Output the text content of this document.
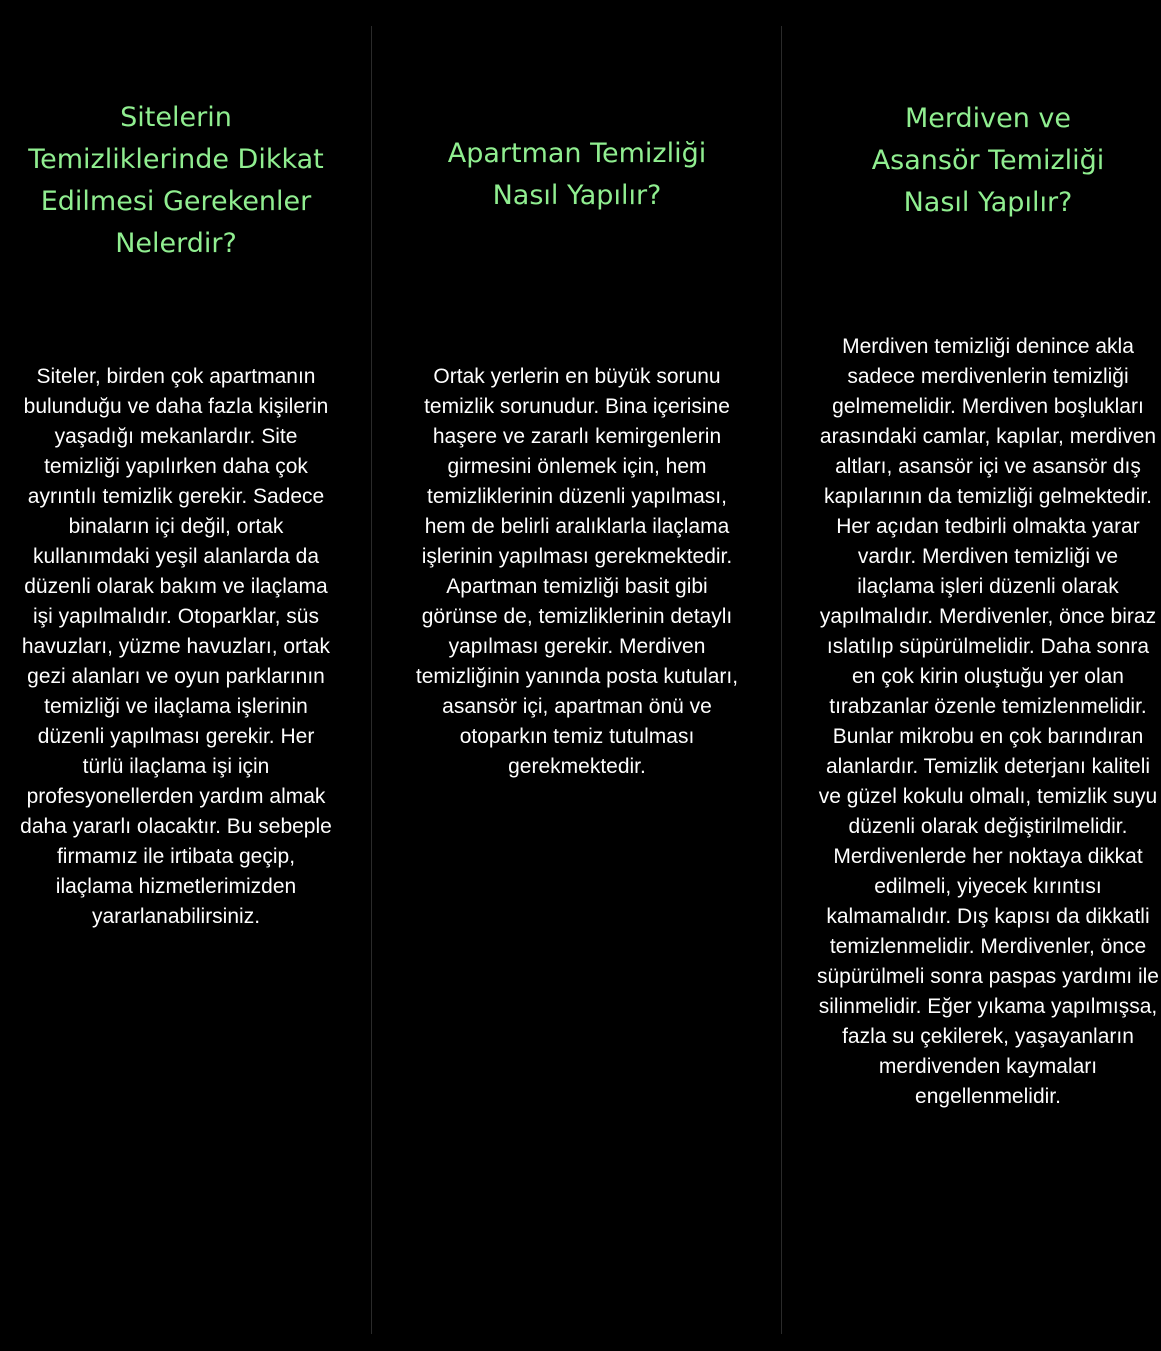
Sitelerin Temizliklerinde Dikkat Edilmesi Gerekenler Nelerdir?

Siteler, birden çok apartmanın bulunduğu ve daha fazla kişilerin yaşadığı mekanlardır. Site temizliği yapılırken daha çok ayrıntılı temizlik gerekir. Sadece binaların içi değil, ortak kullanımdaki yeşil alanlarda da düzenli olarak bakım ve ilaçlama işi yapılmalıdır. Otoparklar, süs havuzları, yüzme havuzları, ortak gezi alanları ve oyun parklarının temizliği ve ilaçlama işlerinin düzenli yapılması gerekir. Her türlü ilaçlama işi için profesyonellerden yardım almak daha yararlı olacaktır. Bu sebeple firmamız ile irtibata geçip, ilaçlama hizmetlerimizden yararlanabilirsiniz.

Apartman Temizliği Nasıl Yapılır?

Ortak yerlerin en büyük sorunu temizlik sorunudur. Bina içerisine haşere ve zararlı kemirgenlerin girmesini önlemek için, hem temizliklerinin düzenli yapılması, hem de belirli aralıklarla ilaçlama işlerinin yapılması gerekmektedir. Apartman temizliği basit gibi görünse de, temizliklerinin detaylı yapılması gerekir. Merdiven temizliğinin yanında posta kutuları, asansör içi, apartman önü ve otoparkın temiz tutulması gerekmektedir.

Merdiven ve Asansör Temizliği Nasıl Yapılır?

Merdiven temizliği denince akla sadece merdivenlerin temizliği gelmemelidir. Merdiven boşlukları arasındaki camlar, kapılar, merdiven altları, asansör içi ve asansör dış kapılarının da temizliği gelmektedir. Her açıdan tedbirli olmakta yarar vardır. Merdiven temizliği ve ilaçlama işleri düzenli olarak yapılmalıdır. Merdivenler, önce biraz ıslatılıp süpürülmelidir. Daha sonra en çok kirin oluştuğu yer olan tırabzanlar özenle temizlenmelidir. Bunlar mikrobu en çok barındıran alanlardır. Temizlik deterjanı kaliteli ve güzel kokulu olmalı, temizlik suyu düzenli olarak değiştirilmelidir. Merdivenlerde her noktaya dikkat edilmeli, yiyecek kırıntısı kalmamalıdır. Dış kapısı da dikkatli temizlenmelidir. Merdivenler, önce süpürülmeli sonra paspas yardımı ile silinmelidir. Eğer yıkama yapılmışsa, fazla su çekilerek, yaşayanların merdivenden kaymaları engellenmelidir.
